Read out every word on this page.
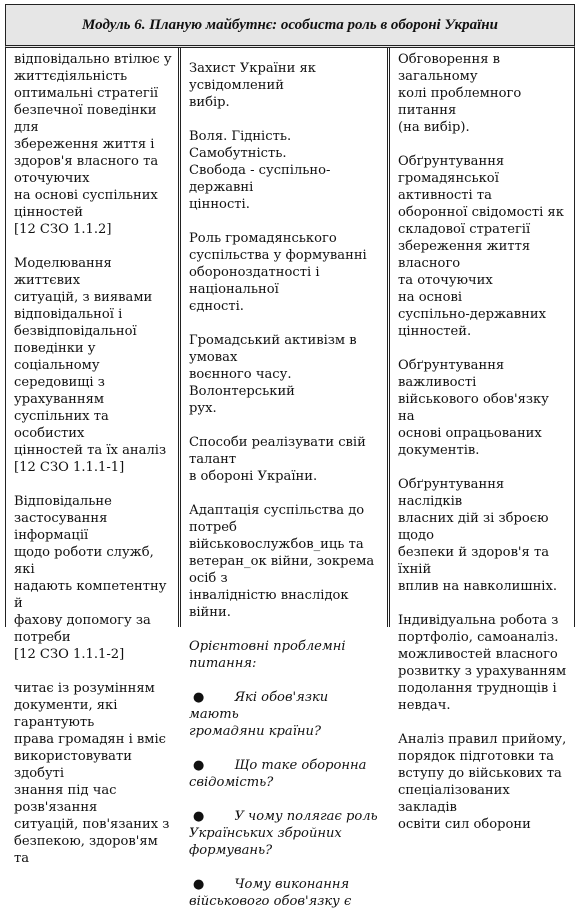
Модуль 6. Планую майбутнє: особиста роль в обороні України

відповідально втілює у
життєдіяльність
оптимальні стратегії
безпечної поведінки для
збереження життя і
здоров'я власного та
оточуючих
на основі суспільних
цінностей
[12 СЗО 1.1.2]

Моделювання життєвих
ситуацій, з виявами
відповідальної і
безвідповідальної
поведінки у соціальному
середовищі з урахуванням
суспільних та особистих
цінностей та їх аналіз
[12 СЗО 1.1.1-1]

Відповідальне
застосування інформації
щодо роботи служб, які
надають компетентну й
фахову допомогу за
потреби
[12 СЗО 1.1.1-2]

читає із розумінням
документи, які гарантують
права громадян і вміє
використовувати здобуті
знання під час розв'язання
ситуацій, пов'язаних з
безпекою, здоров'ям та

Захист України як усвідомлений
вибір.

Воля. Гідність. Самобутність.
Свобода - суспільно-державні
цінності.

Роль громадянського
суспільства у формуванні
обороноздатності і національної
єдності.

Громадський активізм в умовах
воєнного часу. Волонтерський
рух.

Способи реалізувати свій талант
в обороні України.

Адаптація суспільства до потреб
військовослужбов_иць та
ветеран_ок війни, зокрема осіб з
інвалідністю внаслідок війни.

Орієнтовні проблемні питання:

● Які обов'язки мають
громадяни країни?
● Що таке оборонна
свідомість?
● У чому полягає роль
Українських збройних
формувань?
● Чому виконання
військового обов'язку є

Обговорення в загальному
колі проблемного питання
(на вибір).

Обґрунтування
громадянської активності та
оборонної свідомості як
складової стратегії
збереження життя власного
та оточуючих
на основі
суспільно-державних
цінностей.

Обґрунтування важливості
військового обов'язку на
основі опрацьованих
документів.

Обґрунтування наслідків
власних дій зі зброєю щодо
безпеки й здоров'я та їхній
вплив на навколишніх.

Індивідуальна робота з
портфоліо, самоаналіз.
можливостей власного
розвитку з урахуванням
подолання труднощів і
невдач.

Аналіз правил прийому,
порядок підготовки та
вступу до військових та
спеціалізованих закладів
освіти сил оборони
